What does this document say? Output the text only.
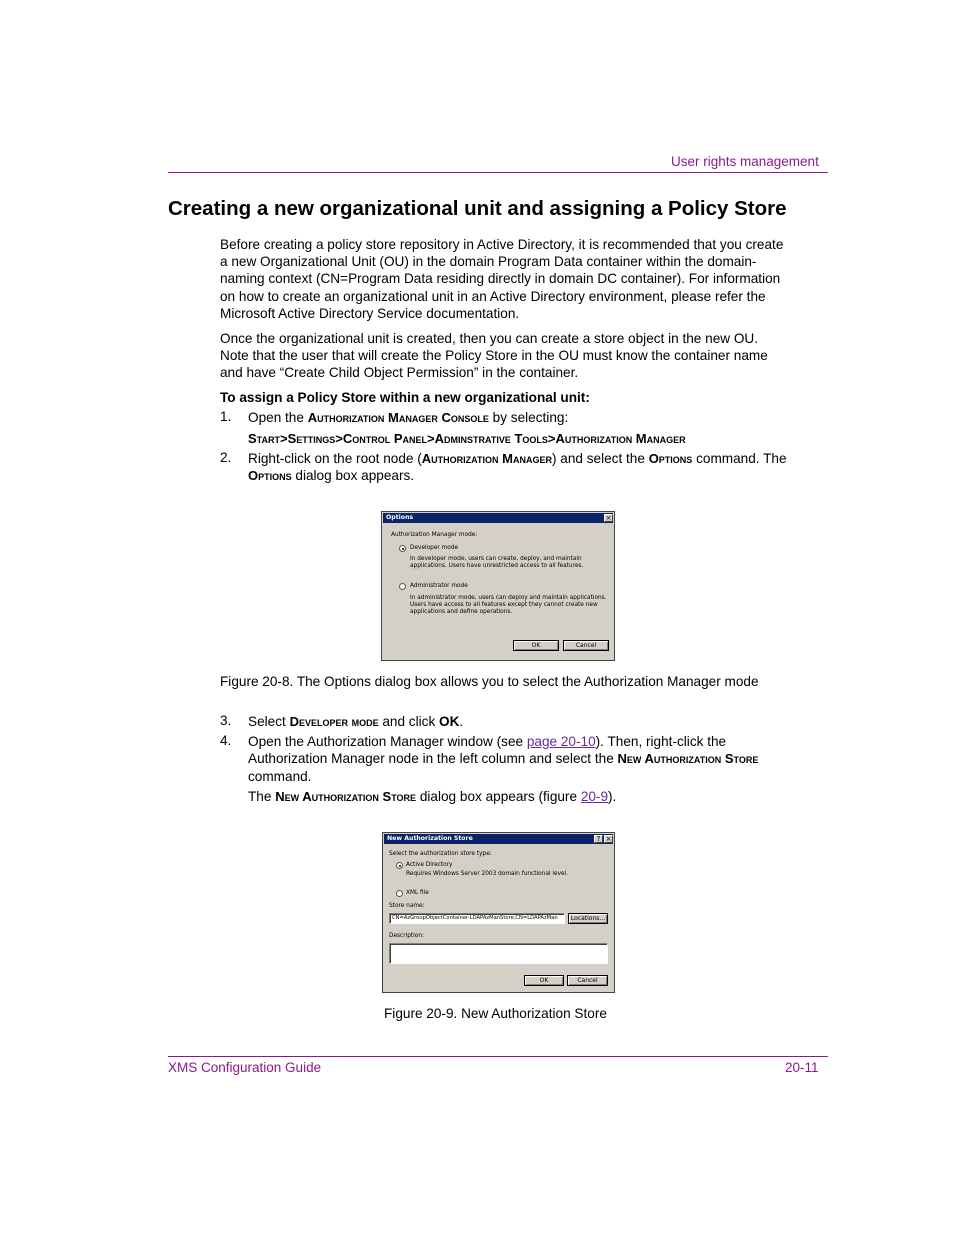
User rights management
Creating a new organizational unit and assigning a Policy Store

Before creating a policy store repository in Active Directory, it is recommended that you create a new Organizational Unit (OU) in the domain Program Data container within the domain-naming context (CN=Program Data residing directly in domain DC container). For information on how to create an organizational unit in an Active Directory environment, please refer the Microsoft Active Directory Service documentation.

Once the organizational unit is created, then you can create a store object in the new OU. Note that the user that will create the Policy Store in the OU must know the container name and have “Create Child Object Permission” in the container.

To assign a Policy Store within a new organizational unit:
1. Open the Authorization Manager Console by selecting:
Start>Settings>Control Panel>Adminstrative Tools>Authorization Manager
2. Right-click on the root node (Authorization Manager) and select the Options command. The Options dialog box appears.
Options	×
Authorization Manager mode:
Developer mode
In developer mode, users can create, deploy, and maintain
applications. Users have unrestricted access to all features.
Administrator mode
In administrator mode, users can deploy and maintain applications.
Users have access to all features except they cannot create new
applications and define operations.
OK	Cancel
Figure 20-8. The Options dialog box allows you to select the Authorization Manager mode
3. Select Developer mode and click OK.
4. Open the Authorization Manager window (see page 20-10). Then, right-click the Authorization Manager node in the left column and select the New Authorization Store command.
The New Authorization Store dialog box appears (figure 20-9).
New Authorization Store	? ×
Select the authorization store type:
Active Directory
Requires Windows Server 2003 domain functional level.
XML file
Store name:
CN=AzGroupObjectContainer-LDAPAzManStore,CN=LDAPAzMan	Locations...
Description:
OK	Cancel
Figure 20-9. New Authorization Store
XMS Configuration Guide	20-11
